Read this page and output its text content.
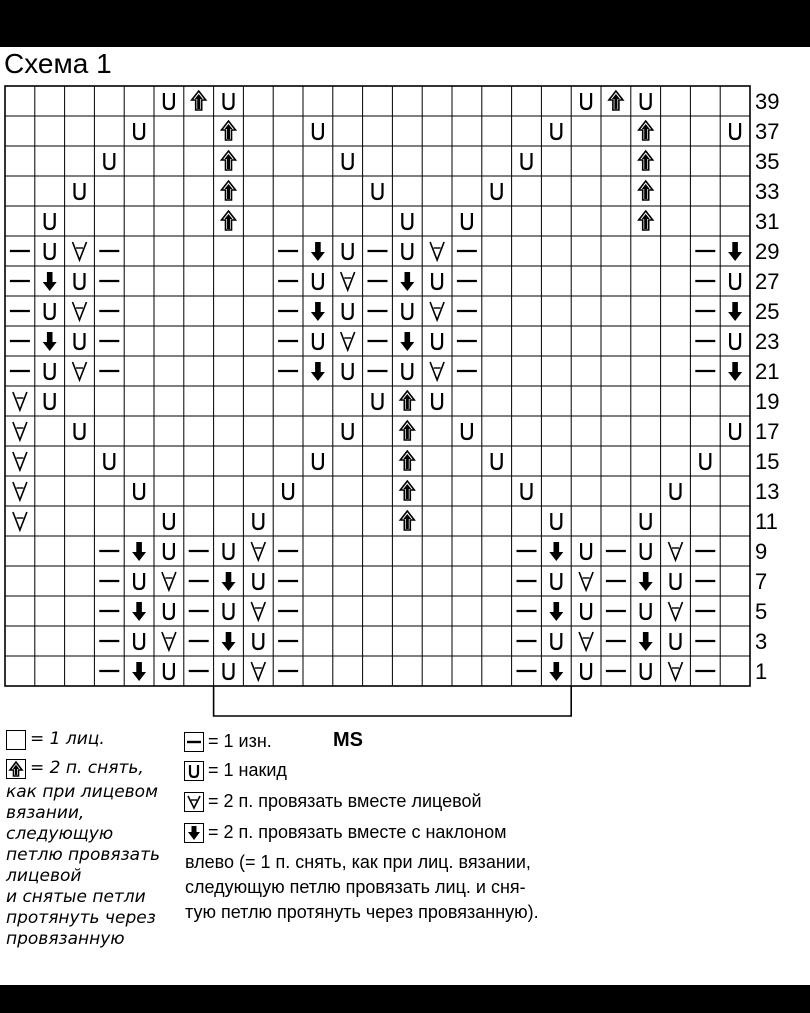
Схема 1
39
37
35
33
31
29
27
25
23
21
19
17
15
13
11
9
7
5
3
1
MS
= 1 лиц.
= 2 п. снять,
как при лицевом
вязании,
следующую
петлю провязать
лицевой
и снятые петли
протянуть через
провязанную
= 1 изн.
= 1 накид
= 2 п. провязать вместе лицевой
= 2 п. провязать вместе с наклоном
влево (= 1 п. снять, как при лиц. вязании,
следующую петлю провязать лиц. и сня-
тую петлю протянуть через провязанную).
